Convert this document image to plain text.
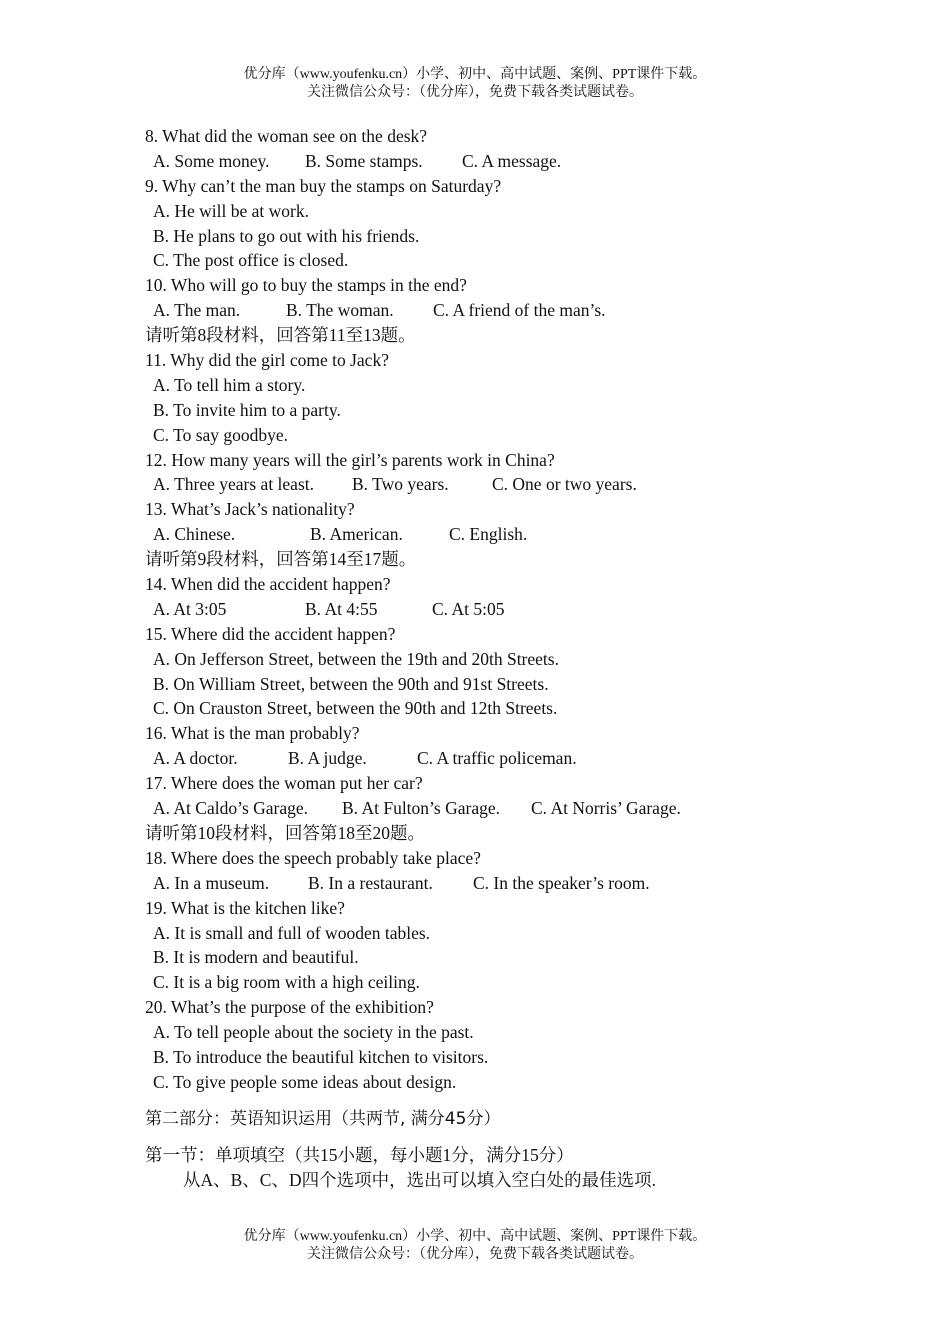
优分库（www.youfenku.cn）小学、初中、高中试题、案例、PPT课件下载。
关注微信公众号：（优分库），免费下载各类试题试卷。
8. What did the woman see on the desk?
A. Some money. B. Some stamps. C. A message.
9. Why can’t the man buy the stamps on Saturday?
A. He will be at work.
B. He plans to go out with his friends.
C. The post office is closed.
10. Who will go to buy the stamps in the end?
A. The man.	B. The woman. C. A friend of the man’s.
请听第8段材料，回答第11至13题。
11. Why did the girl come to Jack?
A. To tell him a story.
B. To invite him to a party.
C. To say goodbye.
12. How many years will the girl’s parents work in China?
A. Three years at least. B. Two years. C. One or two years.
13. What’s Jack’s nationality?
A. Chinese.	B. American.	C. English.
请听第9段材料，回答第14至17题。
14. When did the accident happen?
A. At 3:05	B. At 4:55	C. At 5:05
15. Where did the accident happen?
A. On Jefferson Street, between the 19th and 20th Streets.
B. On William Street, between the 90th and 91st Streets.
C. On Crauston Street, between the 90th and 12th Streets.
16. What is the man probably?
A. A doctor.	B. A judge.	C. A traffic policeman.
17. Where does the woman put her car?
A. At Caldo’s Garage. B. At Fulton’s Garage. C. At Norris’ Garage.
请听第10段材料，回答第18至20题。
18. Where does the speech probably take place?
A. In a museum. B. In a restaurant. C. In the speaker’s room.
19. What is the kitchen like?
A. It is small and full of wooden tables.
B. It is modern and beautiful.
C. It is a big room with a high ceiling.
20. What’s the purpose of the exhibition?
A. To tell people about the society in the past.
B. To introduce the beautiful kitchen to visitors.
C. To give people some ideas about design.
第二部分：英语知识运用（共两节, 满分45分）
第一节：单项填空（共15小题，每小题1分，满分15分）
从A、B、C、D四个选项中，选出可以填入空白处的最佳选项.
优分库（www.youfenku.cn）小学、初中、高中试题、案例、PPT课件下载。
关注微信公众号：（优分库），免费下载各类试题试卷。
